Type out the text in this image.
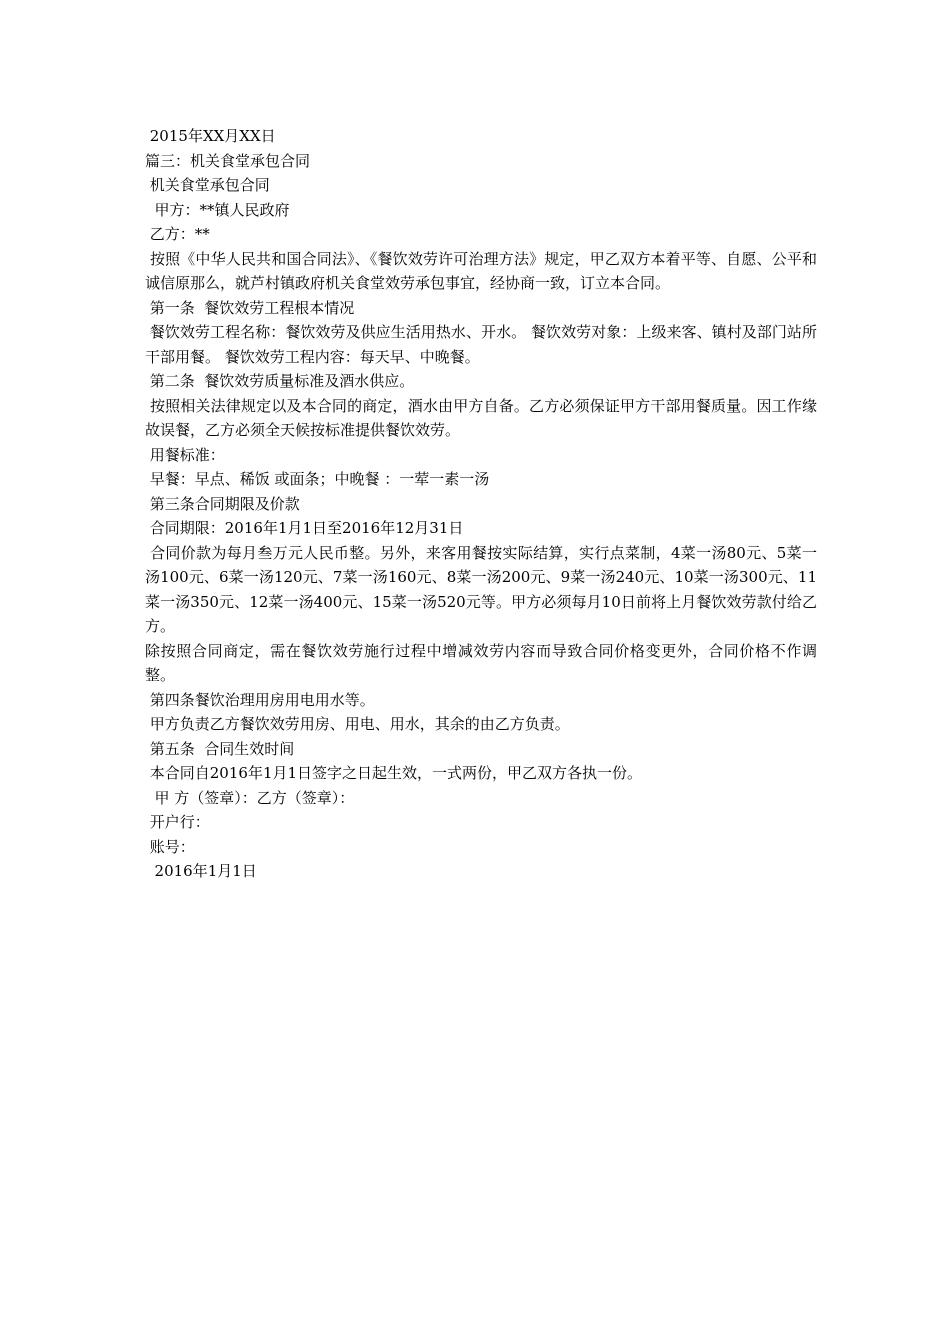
2015年XX月XX日
篇三：机关食堂承包合同
机关食堂承包合同
甲方：**镇人民政府
乙方：**

按照《中华人民共和国合同法》、《餐饮效劳许可治理方法》规定，甲乙双方本着平等、自愿、公平和诚信原那么，就芦村镇政府机关食堂效劳承包事宜，经协商一致，订立本合同。

第一条  餐饮效劳工程根本情况

餐饮效劳工程名称：餐饮效劳及供应生活用热水、开水。 餐饮效劳对象：上级来客、镇村及部门站所干部用餐。 餐饮效劳工程内容：每天早、中晚餐。

第二条  餐饮效劳质量标准及酒水供应。

按照相关法律规定以及本合同的商定，酒水由甲方自备。乙方必须保证甲方干部用餐质量。因工作缘故误餐，乙方必须全天候按标准提供餐饮效劳。

用餐标准：
早餐：早点、稀饭 或面条；中晚餐 ：一荤一素一汤
第三条合同期限及价款
合同期限：2016年1月1日至2016年12月31日

合同价款为每月叁万元人民币整。另外，来客用餐按实际结算，实行点菜制，4菜一汤80元、5菜一汤100元、6菜一汤120元、7菜一汤160元、8菜一汤200元、9菜一汤240元、10菜一汤300元、11菜一汤350元、12菜一汤400元、15菜一汤520元等。甲方必须每月10日前将上月餐饮效劳款付给乙方。

除按照合同商定，需在餐饮效劳施行过程中增减效劳内容而导致合同价格变更外，合同价格不作调整。

第四条餐饮治理用房用电用水等。
甲方负责乙方餐饮效劳用房、用电、用水，其余的由乙方负责。
第五条  合同生效时间
本合同自2016年1月1日签字之日起生效，一式两份，甲乙双方各执一份。
甲 方（签章）：乙方（签章）：
开户行：
账号：
2016年1月1日
